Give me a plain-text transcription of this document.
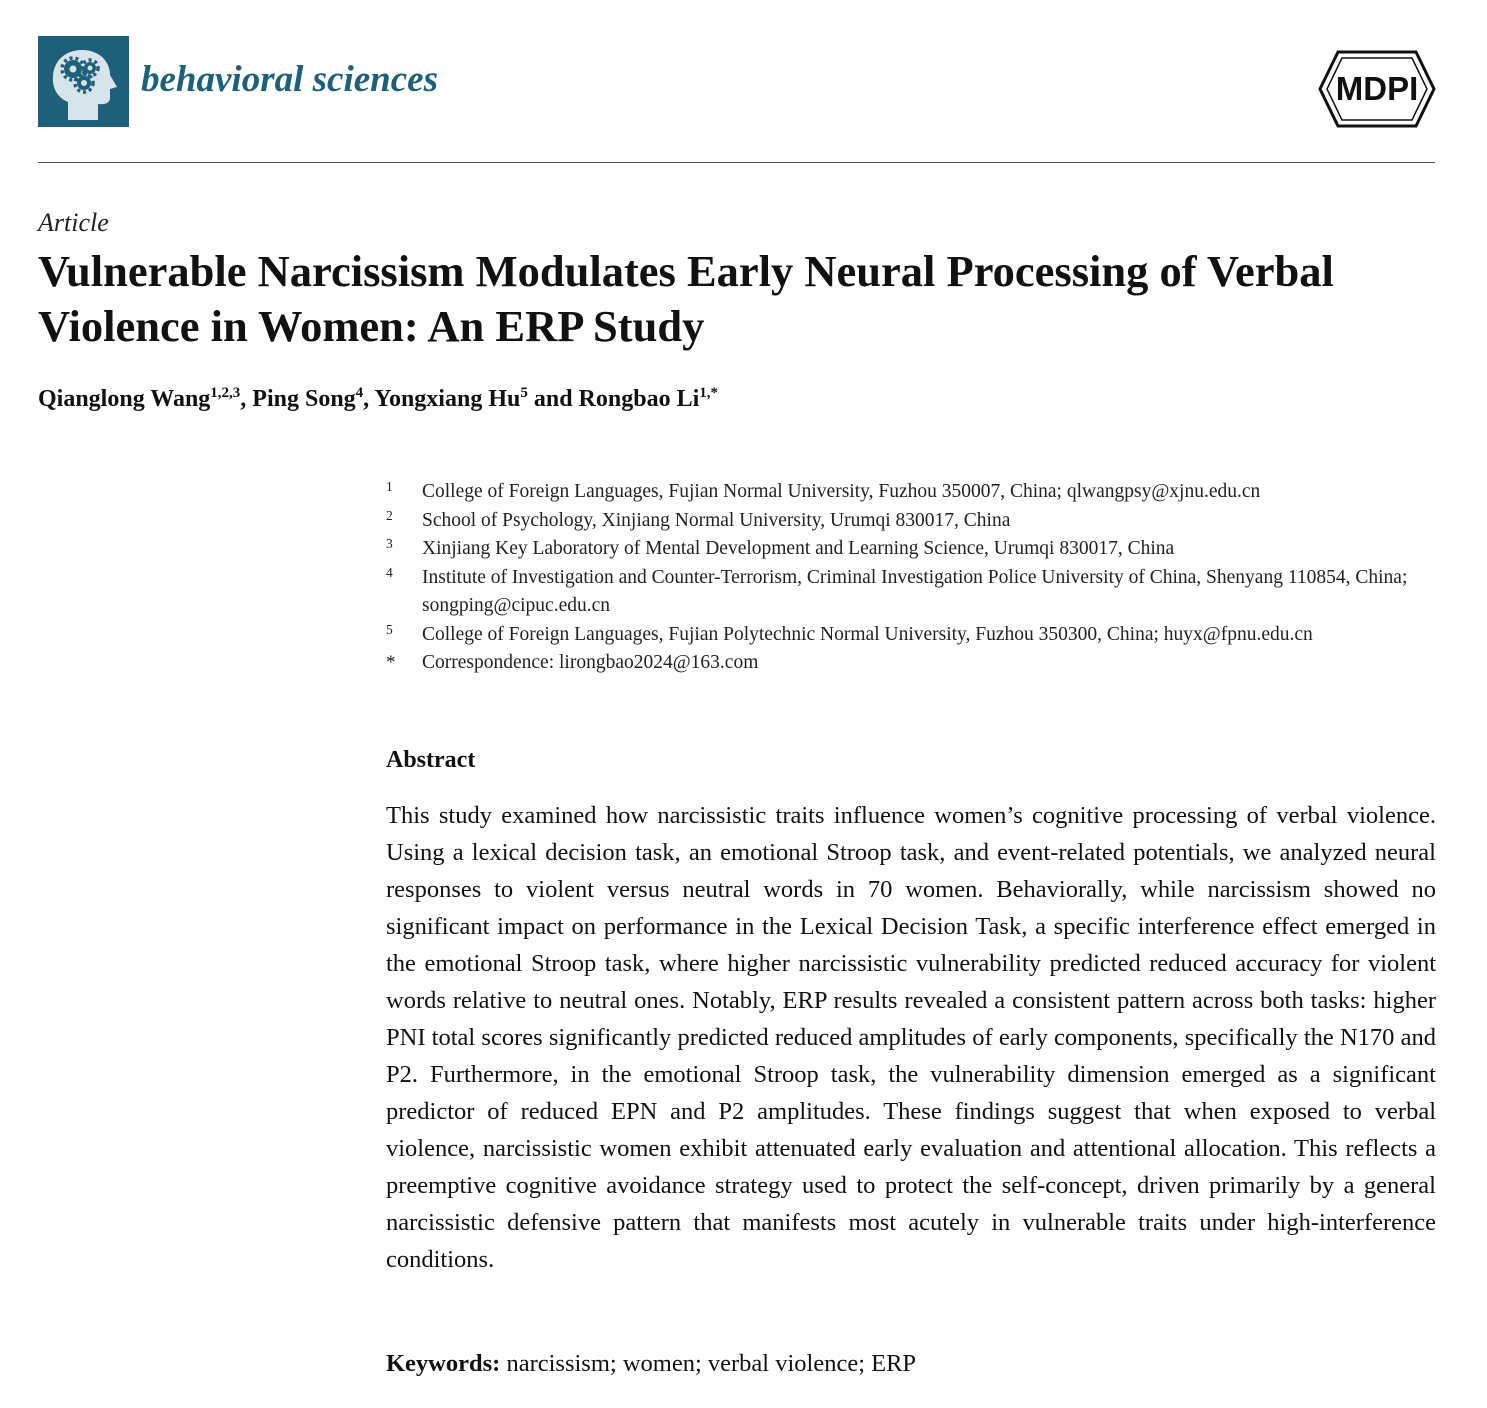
behavioral sciences	MDPI
Article
Vulnerable Narcissism Modulates Early Neural Processing of Verbal Violence in Women: An ERP Study
Qianglong Wang$^{1,2,3}$, Ping Song$^4$, Yongxiang Hu$^5$ and Rongbao $Li^{1,*}$
1 College of Foreign Languages, Fujian Normal University, Fuzhou 350007, China; qlwangpsy@xjnu.edu.cn
2 School of Psychology, Xinjiang Normal University, Urumqi 830017, China
3 Xinjiang Key Laboratory of Mental Development and Learning Science, Urumqi 830017, China
4 Institute of Investigation and Counter-Terrorism, Criminal Investigation Police University of China, Shenyang 110854, China; songping@cipuc.edu.cn
5 College of Foreign Languages, Fujian Polytechnic Normal University, Fuzhou 350300, China; huyx@fpnu.edu.cn
* Correspondence: lirongbao2024@163.com
Abstract

This study examined how narcissistic traits influence women’s cognitive processing of verbal violence. Using a lexical decision task, an emotional Stroop task, and event-related potentials, we analyzed neural responses to violent versus neutral words in 70 women. Behaviorally, while narcissism showed no significant impact on performance in the Lexical Decision Task, a specific interference effect emerged in the emotional Stroop task, where higher narcissistic vulnerability predicted reduced accuracy for violent words relative to neutral ones. Notably, ERP results revealed a consistent pattern across both tasks: higher PNI total scores significantly predicted reduced amplitudes of early components, specifically the N170 and P2. Furthermore, in the emotional Stroop task, the vulnerability dimension emerged as a significant predictor of reduced EPN and P2 amplitudes. These findings suggest that when exposed to verbal violence, narcissistic women exhibit attenuated early evaluation and attentional allocation. This reflects a preemptive cognitive avoidance strategy used to protect the self-concept, driven primarily by a general narcissistic defensive pattern that manifests most acutely in vulnerable traits under high-interference conditions.

Keywords: narcissism; women; verbal violence; ERP
